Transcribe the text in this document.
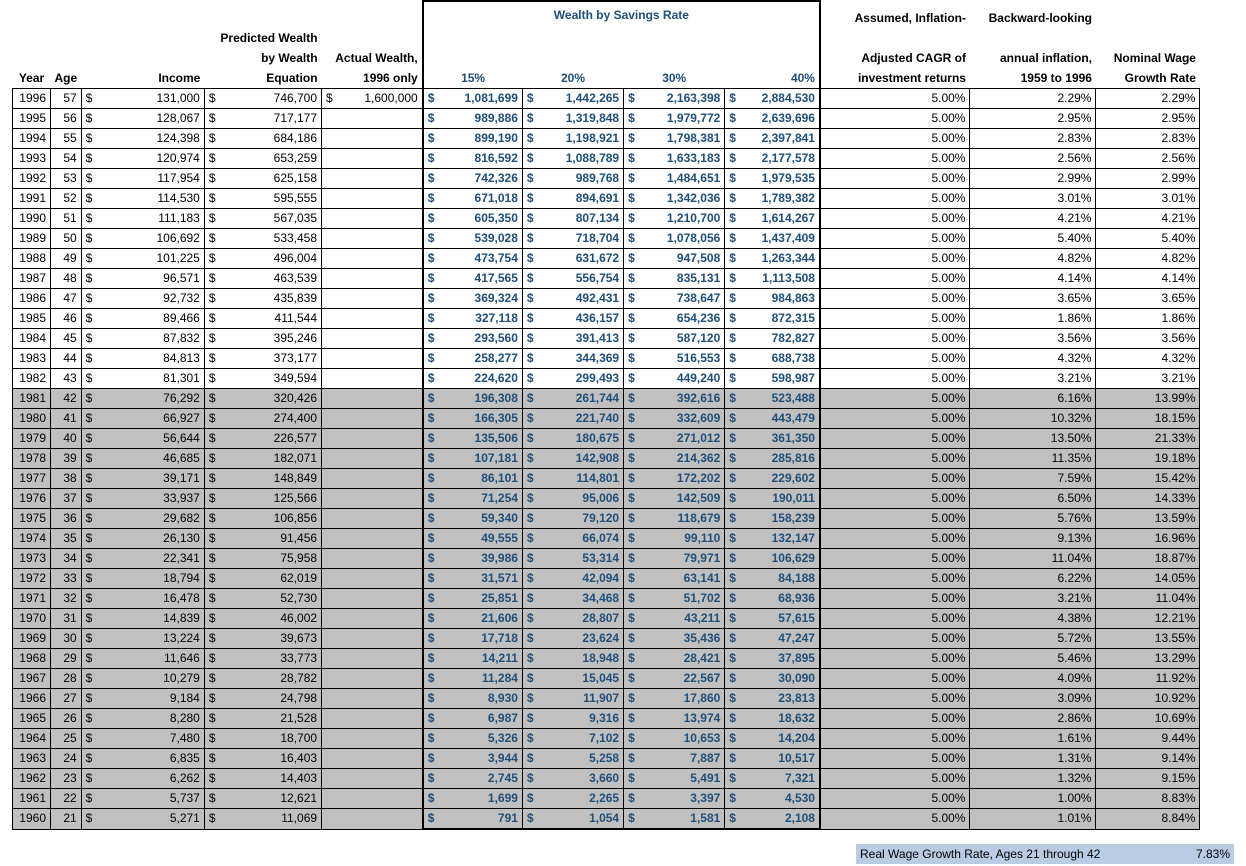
								Wealth by Savings Rate								Assumed, Inflation-	Backward-looking	
				Predicted Wealth														
				by Wealth		Actual Wealth,										Adjusted CAGR of	annual inflation,	Nominal Wage
Year	Age	Income		Equation		1996 only		15%		20%		30%		40%		investment returns	1959 to 1996	Growth Rate
1996	57	$	131,000	$	746,700	$	1,600,000	$	1,081,699	$	1,442,265	$	2,163,398	$	2,884,530	5.00%	2.29%	2.29%
1995	56	$	128,067	$	717,177			$	989,886	$	1,319,848	$	1,979,772	$	2,639,696	5.00%	2.95%	2.95%
1994	55	$	124,398	$	684,186			$	899,190	$	1,198,921	$	1,798,381	$	2,397,841	5.00%	2.83%	2.83%
1993	54	$	120,974	$	653,259			$	816,592	$	1,088,789	$	1,633,183	$	2,177,578	5.00%	2.56%	2.56%
1992	53	$	117,954	$	625,158			$	742,326	$	989,768	$	1,484,651	$	1,979,535	5.00%	2.99%	2.99%
1991	52	$	114,530	$	595,555			$	671,018	$	894,691	$	1,342,036	$	1,789,382	5.00%	3.01%	3.01%
1990	51	$	111,183	$	567,035			$	605,350	$	807,134	$	1,210,700	$	1,614,267	5.00%	4.21%	4.21%
1989	50	$	106,692	$	533,458			$	539,028	$	718,704	$	1,078,056	$	1,437,409	5.00%	5.40%	5.40%
1988	49	$	101,225	$	496,004			$	473,754	$	631,672	$	947,508	$	1,263,344	5.00%	4.82%	4.82%
1987	48	$	96,571	$	463,539			$	417,565	$	556,754	$	835,131	$	1,113,508	5.00%	4.14%	4.14%
1986	47	$	92,732	$	435,839			$	369,324	$	492,431	$	738,647	$	984,863	5.00%	3.65%	3.65%
1985	46	$	89,466	$	411,544			$	327,118	$	436,157	$	654,236	$	872,315	5.00%	1.86%	1.86%
1984	45	$	87,832	$	395,246			$	293,560	$	391,413	$	587,120	$	782,827	5.00%	3.56%	3.56%
1983	44	$	84,813	$	373,177			$	258,277	$	344,369	$	516,553	$	688,738	5.00%	4.32%	4.32%
1982	43	$	81,301	$	349,594			$	224,620	$	299,493	$	449,240	$	598,987	5.00%	3.21%	3.21%
1981	42	$	76,292	$	320,426			$	196,308	$	261,744	$	392,616	$	523,488	5.00%	6.16%	13.99%
1980	41	$	66,927	$	274,400			$	166,305	$	221,740	$	332,609	$	443,479	5.00%	10.32%	18.15%
1979	40	$	56,644	$	226,577			$	135,506	$	180,675	$	271,012	$	361,350	5.00%	13.50%	21.33%
1978	39	$	46,685	$	182,071			$	107,181	$	142,908	$	214,362	$	285,816	5.00%	11.35%	19.18%
1977	38	$	39,171	$	148,849			$	86,101	$	114,801	$	172,202	$	229,602	5.00%	7.59%	15.42%
1976	37	$	33,937	$	125,566			$	71,254	$	95,006	$	142,509	$	190,011	5.00%	6.50%	14.33%
1975	36	$	29,682	$	106,856			$	59,340	$	79,120	$	118,679	$	158,239	5.00%	5.76%	13.59%
1974	35	$	26,130	$	91,456			$	49,555	$	66,074	$	99,110	$	132,147	5.00%	9.13%	16.96%
1973	34	$	22,341	$	75,958			$	39,986	$	53,314	$	79,971	$	106,629	5.00%	11.04%	18.87%
1972	33	$	18,794	$	62,019			$	31,571	$	42,094	$	63,141	$	84,188	5.00%	6.22%	14.05%
1971	32	$	16,478	$	52,730			$	25,851	$	34,468	$	51,702	$	68,936	5.00%	3.21%	11.04%
1970	31	$	14,839	$	46,002			$	21,606	$	28,807	$	43,211	$	57,615	5.00%	4.38%	12.21%
1969	30	$	13,224	$	39,673			$	17,718	$	23,624	$	35,436	$	47,247	5.00%	5.72%	13.55%
1968	29	$	11,646	$	33,773			$	14,211	$	18,948	$	28,421	$	37,895	5.00%	5.46%	13.29%
1967	28	$	10,279	$	28,782			$	11,284	$	15,045	$	22,567	$	30,090	5.00%	4.09%	11.92%
1966	27	$	9,184	$	24,798			$	8,930	$	11,907	$	17,860	$	23,813	5.00%	3.09%	10.92%
1965	26	$	8,280	$	21,528			$	6,987	$	9,316	$	13,974	$	18,632	5.00%	2.86%	10.69%
1964	25	$	7,480	$	18,700			$	5,326	$	7,102	$	10,653	$	14,204	5.00%	1.61%	9.44%
1963	24	$	6,835	$	16,403			$	3,944	$	5,258	$	7,887	$	10,517	5.00%	1.31%	9.14%
1962	23	$	6,262	$	14,403			$	2,745	$	3,660	$	5,491	$	7,321	5.00%	1.32%	9.15%
1961	22	$	5,737	$	12,621			$	1,699	$	2,265	$	3,397	$	4,530	5.00%	1.00%	8.83%
1960	21	$	5,271	$	11,069			$	791	$	1,054	$	1,581	$	2,108	5.00%	1.01%	8.84%
Real Wage Growth Rate, Ages 21 through 42	7.83%
